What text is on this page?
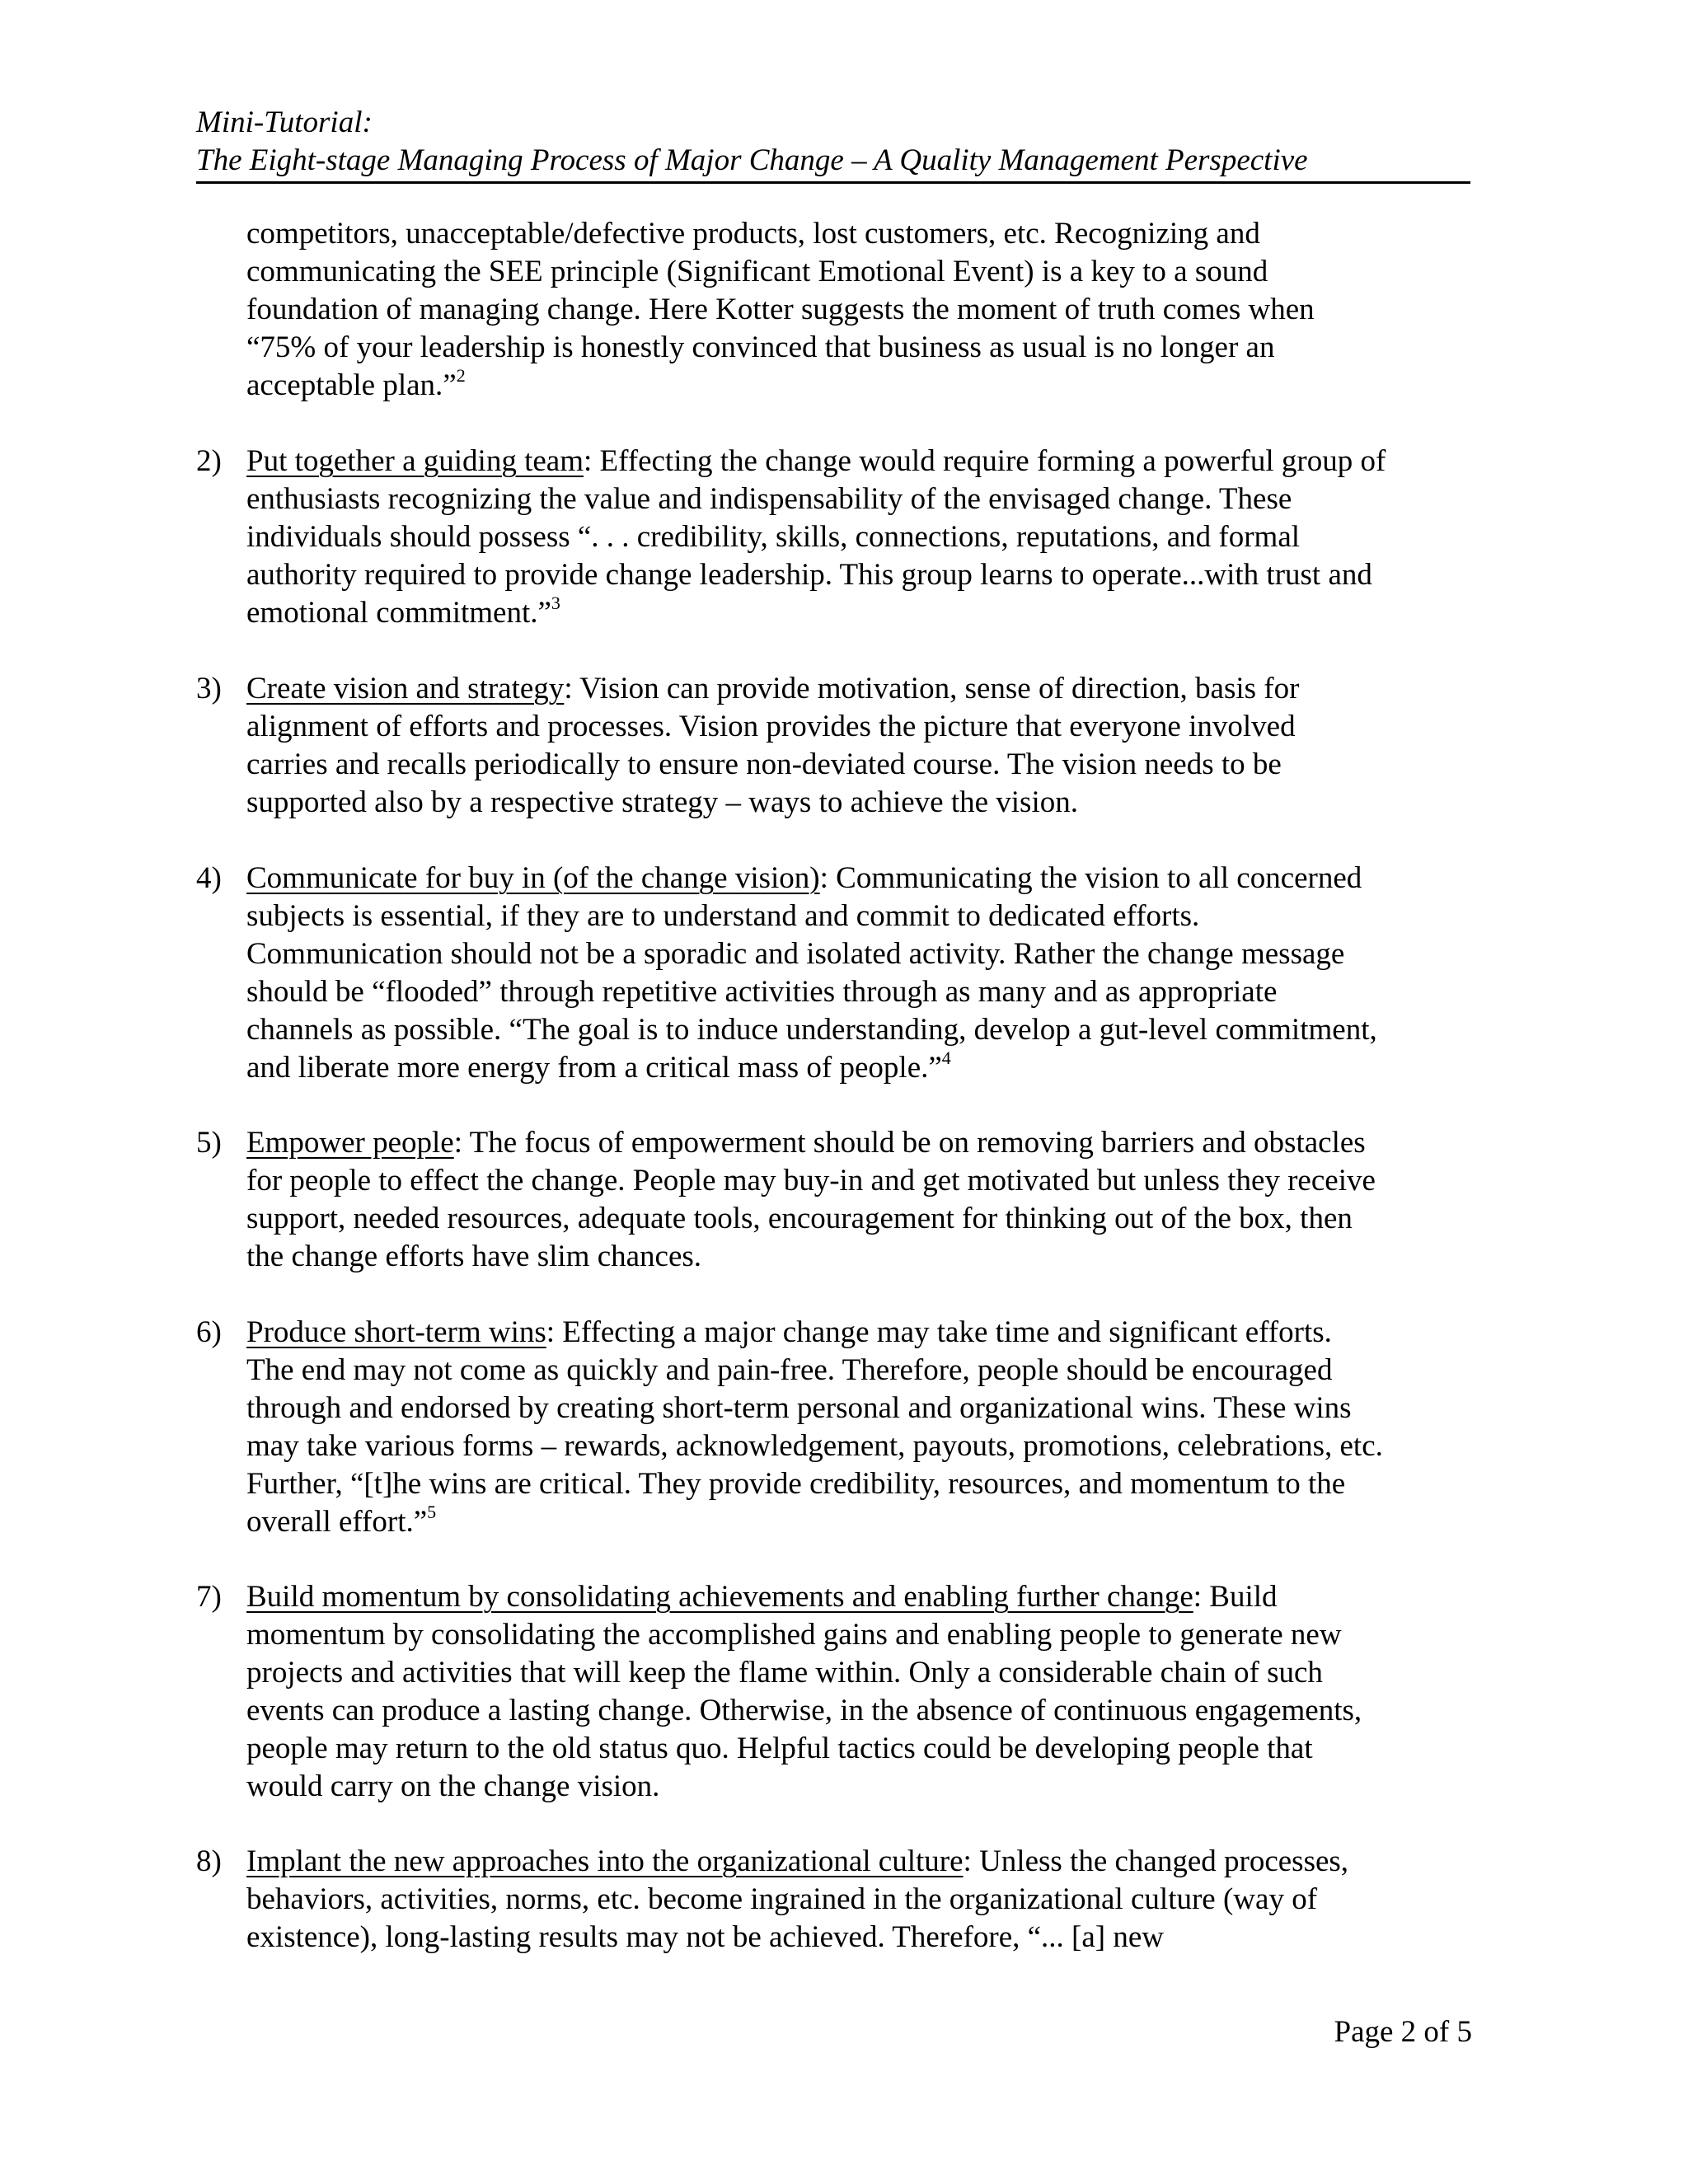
Mini-Tutorial:
The Eight-stage Managing Process of Major Change – A Quality Management Perspective
competitors, unacceptable/defective products, lost customers, etc. Recognizing and
communicating the SEE principle (Significant Emotional Event) is a key to a sound
foundation of managing change. Here Kotter suggests the moment of truth comes when
“75% of your leadership is honestly convinced that business as usual is no longer an
acceptable plan.”$^2$
2) Put together a guiding team: Effecting the change would require forming a powerful group of
enthusiasts recognizing the value and indispensability of the envisaged change. These
individuals should possess “. . . credibility, skills, connections, reputations, and formal
authority required to provide change leadership. This group learns to operate...with trust and
emotional commitment.”$^3$
3) Create vision and strategy: Vision can provide motivation, sense of direction, basis for
alignment of efforts and processes. Vision provides the picture that everyone involved
carries and recalls periodically to ensure non-deviated course. The vision needs to be
supported also by a respective strategy – ways to achieve the vision.
4) Communicate for buy in (of the change vision): Communicating the vision to all concerned
subjects is essential, if they are to understand and commit to dedicated efforts.
Communication should not be a sporadic and isolated activity. Rather the change message
should be “flooded” through repetitive activities through as many and as appropriate
channels as possible. “The goal is to induce understanding, develop a gut-level commitment,
and liberate more energy from a critical mass of people.”$^4$
5) Empower people: The focus of empowerment should be on removing barriers and obstacles
for people to effect the change. People may buy-in and get motivated but unless they receive
support, needed resources, adequate tools, encouragement for thinking out of the box, then
the change efforts have slim chances.
6) Produce short-term wins: Effecting a major change may take time and significant efforts.
The end may not come as quickly and pain-free. Therefore, people should be encouraged
through and endorsed by creating short-term personal and organizational wins. These wins
may take various forms – rewards, acknowledgement, payouts, promotions, celebrations, etc.
Further, “[t]he wins are critical. They provide credibility, resources, and momentum to the
overall effort.”$^5$
7) Build momentum by consolidating achievements and enabling further change: Build
momentum by consolidating the accomplished gains and enabling people to generate new
projects and activities that will keep the flame within. Only a considerable chain of such
events can produce a lasting change. Otherwise, in the absence of continuous engagements,
people may return to the old status quo. Helpful tactics could be developing people that
would carry on the change vision.
8) Implant the new approaches into the organizational culture: Unless the changed processes,
behaviors, activities, norms, etc. become ingrained in the organizational culture (way of
existence), long-lasting results may not be achieved. Therefore, “... [a] new
Page 2 of 5
